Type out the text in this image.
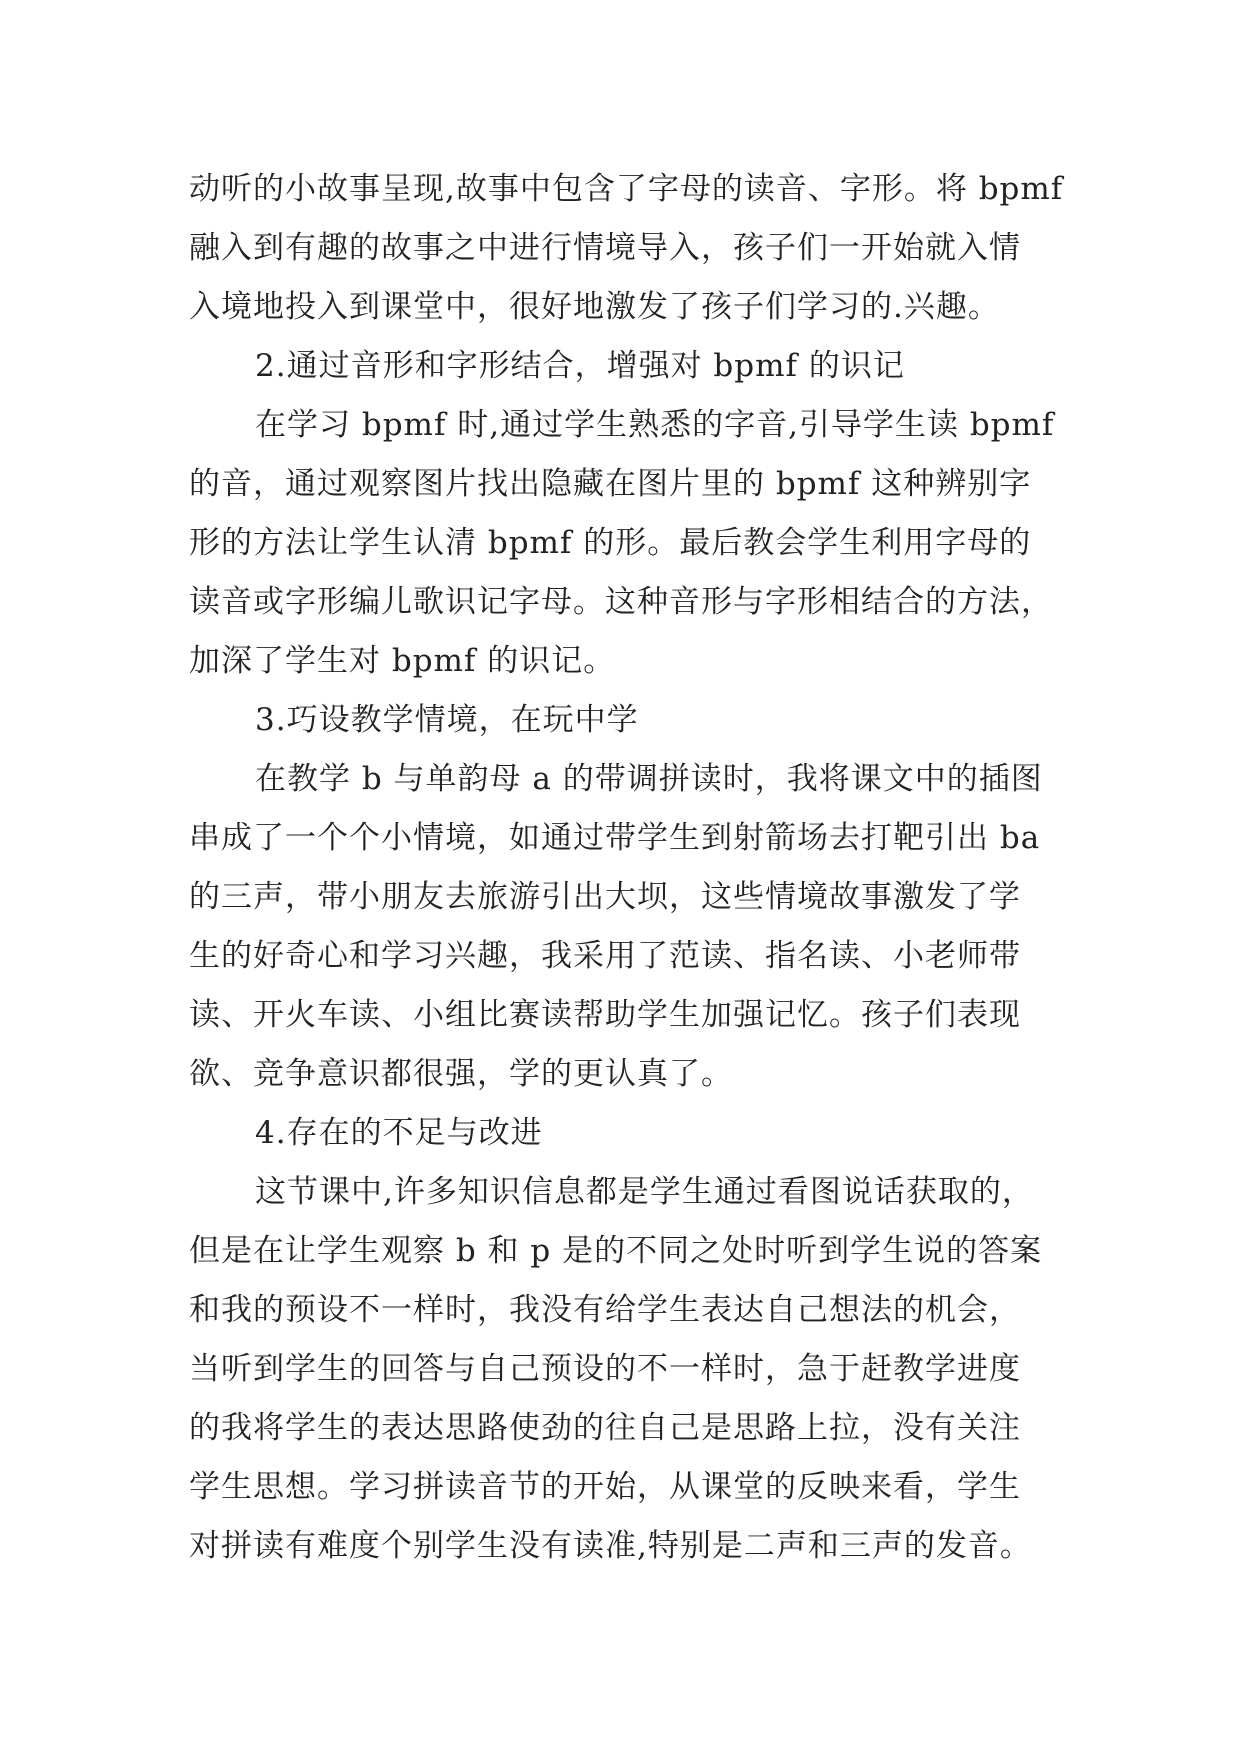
动听的小故事呈现,故事中包含了字母的读音、字形。将 bpmf
融入到有趣的故事之中进行情境导入，孩子们一开始就入情
入境地投入到课堂中，很好地激发了孩子们学习的.兴趣。
2.通过音形和字形结合，增强对 bpmf 的识记
在学习 bpmf 时,通过学生熟悉的字音,引导学生读 bpmf
的音，通过观察图片找出隐藏在图片里的 bpmf 这种辨别字
形的方法让学生认清 bpmf 的形。最后教会学生利用字母的
读音或字形编儿歌识记字母。这种音形与字形相结合的方法，
加深了学生对 bpmf 的识记。
3.巧设教学情境，在玩中学
在教学 b 与单韵母 a 的带调拼读时，我将课文中的插图
串成了一个个小情境，如通过带学生到射箭场去打靶引出 ba
的三声，带小朋友去旅游引出大坝，这些情境故事激发了学
生的好奇心和学习兴趣，我采用了范读、指名读、小老师带
读、开火车读、小组比赛读帮助学生加强记忆。孩子们表现
欲、竞争意识都很强，学的更认真了。
4.存在的不足与改进
这节课中,许多知识信息都是学生通过看图说话获取的，
但是在让学生观察 b 和 p 是的不同之处时听到学生说的答案
和我的预设不一样时，我没有给学生表达自己想法的机会，
当听到学生的回答与自己预设的不一样时，急于赶教学进度
的我将学生的表达思路使劲的往自己是思路上拉，没有关注
学生思想。学习拼读音节的开始，从课堂的反映来看，学生
对拼读有难度个别学生没有读准,特别是二声和三声的发音。
